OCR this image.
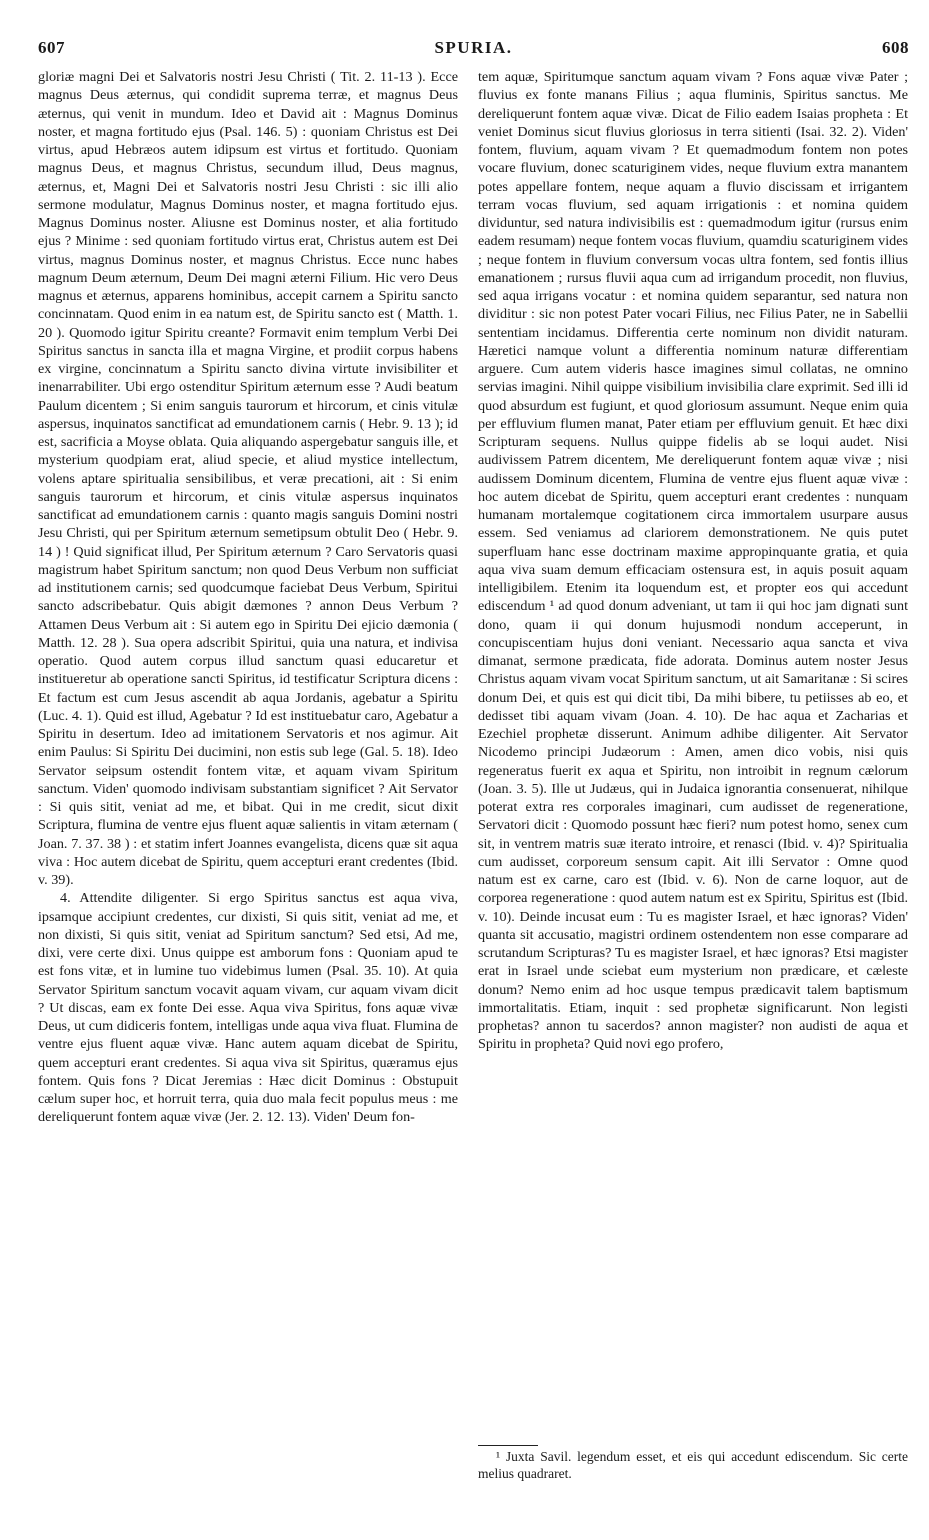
607	SPURIA.	608

gloriæ magni Dei et Salvatoris nostri Jesu Christi ( Tit. 2. 11-13 ). Ecce magnus Deus æternus, qui condidit suprema terræ, et magnus Deus æternus, qui venit in mundum. Ideo et David ait : Magnus Dominus noster, et magna fortitudo ejus (Psal. 146. 5) : quoniam Christus est Dei virtus, apud Hebræos autem idipsum est virtus et fortitudo. Quoniam magnus Deus, et magnus Christus, secundum illud, Deus magnus, æternus, et, Magni Dei et Salvatoris nostri Jesu Christi : sic illi alio sermone modulatur, Magnus Dominus noster, et magna fortitudo ejus. Magnus Dominus noster. Aliusne est Dominus noster, et alia fortitudo ejus ? Minime : sed quoniam fortitudo virtus erat, Christus autem est Dei virtus, magnus Dominus noster, et magnus Christus. Ecce nunc habes magnum Deum æternum, Deum Dei magni æterni Filium. Hic vero Deus magnus et æternus, apparens hominibus, accepit carnem a Spiritu sancto concinnatam. Quod enim in ea natum est, de Spiritu sancto est ( Matth. 1. 20 ). Quomodo igitur Spiritu creante? Formavit enim templum Verbi Dei Spiritus sanctus in sancta illa et magna Virgine, et prodiit corpus habens ex virgine, concinnatum a Spiritu sancto divina virtute invisibiliter et inenarrabiliter. Ubi ergo ostenditur Spiritum æternum esse ? Audi beatum Paulum dicentem ; Si enim sanguis taurorum et hircorum, et cinis vitulæ aspersus, inquinatos sanctificat ad emundationem carnis ( Hebr. 9. 13 ); id est, sacrificia a Moyse oblata. Quia aliquando aspergebatur sanguis ille, et mysterium quodpiam erat, aliud specie, et aliud mystice intellectum, volens aptare spiritualia sensibilibus, et veræ precationi, ait : Si enim sanguis taurorum et hircorum, et cinis vitulæ aspersus inquinatos sanctificat ad emundationem carnis : quanto magis sanguis Domini nostri Jesu Christi, qui per Spiritum æternum semetipsum obtulit Deo ( Hebr. 9. 14 ) ! Quid significat illud, Per Spiritum æternum ? Caro Servatoris quasi magistrum habet Spiritum sanctum; non quod Deus Verbum non sufficiat ad institutionem carnis; sed quodcumque faciebat Deus Verbum, Spiritui sancto adscribebatur. Quis abigit dæmones ? annon Deus Verbum ? Attamen Deus Verbum ait : Si autem ego in Spiritu Dei ejicio dæmonia ( Matth. 12. 28 ). Sua opera adscribit Spiritui, quia una natura, et indivisa operatio. Quod autem corpus illud sanctum quasi educaretur et institueretur ab operatione sancti Spiritus, id testificatur Scriptura dicens : Et factum est cum Jesus ascendit ab aqua Jordanis, agebatur a Spiritu (Luc. 4. 1). Quid est illud, Agebatur ? Id est instituebatur caro, Agebatur a Spiritu in desertum. Ideo ad imitationem Servatoris et nos agimur. Ait enim Paulus: Si Spiritu Dei ducimini, non estis sub lege (Gal. 5. 18). Ideo Servator seipsum ostendit fontem vitæ, et aquam vivam Spiritum sanctum. Viden' quomodo indivisam substantiam significet ? Ait Servator : Si quis sitit, veniat ad me, et bibat. Qui in me credit, sicut dixit Scriptura, flumina de ventre ejus fluent aquæ salientis in vitam æternam ( Joan. 7. 37. 38 ) : et statim infert Joannes evangelista, dicens quæ sit aqua viva : Hoc autem dicebat de Spiritu, quem accepturi erant credentes (Ibid. v. 39).

4. Attendite diligenter. Si ergo Spiritus sanctus est aqua viva, ipsamque accipiunt credentes, cur dixisti, Si quis sitit, veniat ad me, et non dixisti, Si quis sitit, veniat ad Spiritum sanctum? Sed etsi, Ad me, dixi, vere certe dixi. Unus quippe est amborum fons : Quoniam apud te est fons vitæ, et in lumine tuo videbimus lumen (Psal. 35. 10). At quia Servator Spiritum sanctum vocavit aquam vivam, cur aquam vivam dicit ? Ut discas, eam ex fonte Dei esse. Aqua viva Spiritus, fons aquæ vivæ Deus, ut cum didiceris fontem, intelligas unde aqua viva fluat. Flumina de ventre ejus fluent aquæ vivæ. Hanc autem aquam dicebat de Spiritu, quem accepturi erant credentes. Si aqua viva sit Spiritus, quæramus ejus fontem. Quis fons ? Dicat Jeremias : Hæc dicit Dominus : Obstupuit cælum super hoc, et horruit terra, quia duo mala fecit populus meus : me dereliquerunt fontem aquæ vivæ (Jer. 2. 12. 13). Viden' Deum fon-

tem aquæ, Spiritumque sanctum aquam vivam ? Fons aquæ vivæ Pater ; fluvius ex fonte manans Filius ; aqua fluminis, Spiritus sanctus. Me dereliquerunt fontem aquæ vivæ. Dicat de Filio eadem Isaias propheta : Et veniet Dominus sicut fluvius gloriosus in terra sitienti (Isai. 32. 2). Viden' fontem, fluvium, aquam vivam ? Et quemadmodum fontem non potes vocare fluvium, donec scaturiginem vides, neque fluvium extra manantem potes appellare fontem, neque aquam a fluvio discissam et irrigantem terram vocas fluvium, sed aquam irrigationis : et nomina quidem dividuntur, sed natura indivisibilis est : quemadmodum igitur (rursus enim eadem resumam) neque fontem vocas fluvium, quamdiu scaturiginem vides ; neque fontem in fluvium conversum vocas ultra fontem, sed fontis illius emanationem ; rursus fluvii aqua cum ad irrigandum procedit, non fluvius, sed aqua irrigans vocatur : et nomina quidem separantur, sed natura non dividitur : sic non potest Pater vocari Filius, nec Filius Pater, ne in Sabellii sententiam incidamus. Differentia certe nominum non dividit naturam. Hæretici namque volunt a differentia nominum naturæ differentiam arguere. Cum autem videris hasce imagines simul collatas, ne omnino servias imagini. Nihil quippe visibilium invisibilia clare exprimit. Sed illi id quod absurdum est fugiunt, et quod gloriosum assumunt. Neque enim quia per effluvium flumen manat, Pater etiam per effluvium genuit. Et hæc dixi Scripturam sequens. Nullus quippe fidelis ab se loqui audet. Nisi audivissem Patrem dicentem, Me dereliquerunt fontem aquæ vivæ ; nisi audissem Dominum dicentem, Flumina de ventre ejus fluent aquæ vivæ : hoc autem dicebat de Spiritu, quem accepturi erant credentes : nunquam humanam mortalemque cogitationem circa immortalem usurpare ausus essem. Sed veniamus ad clariorem demonstrationem. Ne quis putet superfluam hanc esse doctrinam maxime appropinquante gratia, et quia aqua viva suam demum efficaciam ostensura est, in aquis posuit aquam intelligibilem. Etenim ita loquendum est, et propter eos qui accedunt ediscendum ¹ ad quod donum adveniant, ut tam ii qui hoc jam dignati sunt dono, quam ii qui donum hujusmodi nondum acceperunt, in concupiscentiam hujus doni veniant. Necessario aqua sancta et viva dimanat, sermone prædicata, fide adorata. Dominus autem noster Jesus Christus aquam vivam vocat Spiritum sanctum, ut ait Samaritanæ : Si scires donum Dei, et quis est qui dicit tibi, Da mihi bibere, tu petiisses ab eo, et dedisset tibi aquam vivam (Joan. 4. 10). De hac aqua et Zacharias et Ezechiel prophetæ disserunt. Animum adhibe diligenter. Ait Servator Nicodemo principi Judæorum : Amen, amen dico vobis, nisi quis regeneratus fuerit ex aqua et Spiritu, non introibit in regnum cælorum (Joan. 3. 5). Ille ut Judæus, qui in Judaica ignorantia consenuerat, nihilque poterat extra res corporales imaginari, cum audisset de regeneratione, Servatori dicit : Quomodo possunt hæc fieri? num potest homo, senex cum sit, in ventrem matris suæ iterato introire, et renasci (Ibid. v. 4)? Spiritualia cum audisset, corporeum sensum capit. Ait illi Servator : Omne quod natum est ex carne, caro est (Ibid. v. 6). Non de carne loquor, aut de corporea regeneratione : quod autem natum est ex Spiritu, Spiritus est (Ibid. v. 10). Deinde incusat eum : Tu es magister Israel, et hæc ignoras? Viden' quanta sit accusatio, magistri ordinem ostendentem non esse comparare ad scrutandum Scripturas? Tu es magister Israel, et hæc ignoras? Etsi magister erat in Israel unde sciebat eum mysterium non prædicare, et cæleste donum? Nemo enim ad hoc usque tempus prædicavit talem baptismum immortalitatis. Etiam, inquit : sed prophetæ significarunt. Non legisti prophetas? annon tu sacerdos? annon magister? non audisti de aqua et Spiritu in propheta? Quid novi ego profero,

¹ Juxta Savil. legendum esset, et eis qui accedunt ediscendum. Sic certe melius quadraret.
